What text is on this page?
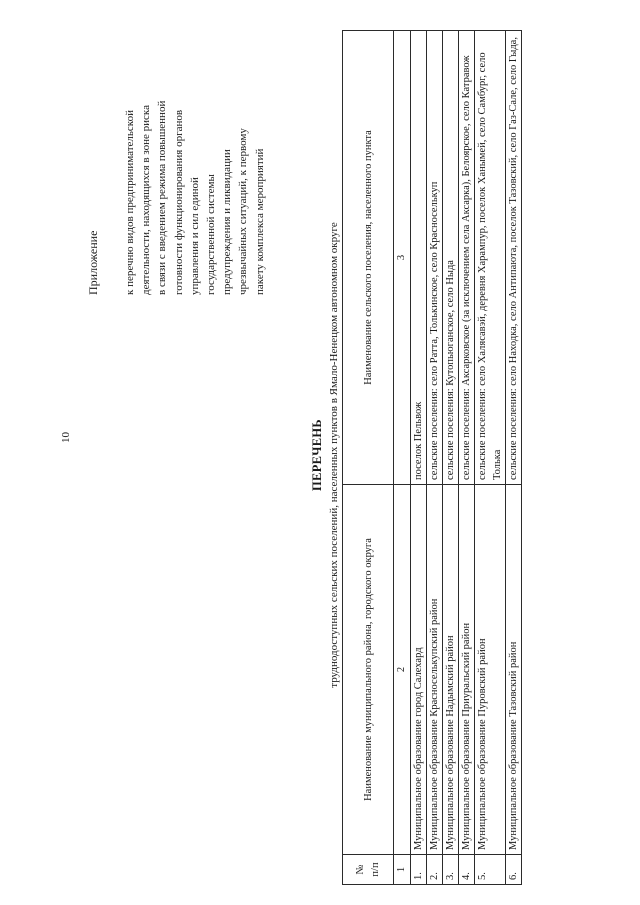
10
Приложение к перечню видов предпринимательской деятельности, находящихся в зоне риска в связи с введением режима повышенной готовности функционирования органов управления и сил единой государственной системы предупреждения и ликвидации чрезвычайных ситуаций, к первому пакету комплекса мероприятий
ПЕРЕЧЕНЬ труднодоступных сельских поселений, населенных пунктов в Ямало-Ненецком автономном округе
№ п/п	Наименование муниципального района, городского округа	Наименование сельского поселения, населенного пункта
1	2	3
1.	Муниципальное образование город Салехард	поселок Пельвож
2.	Муниципальное образование Красноселькупский район	сельские поселения: село Ратта, Толькинское, село Красноселькуп
3.	Муниципальное образование Надымский район	сельские поселения: Кутопьюганское, село Ныда
4.	Муниципальное образование Приуральский район	сельские поселения: Аксарковское (за исключением села Аксарка), Белоярское, село Катравож
5.	Муниципальное образование Пуровский район	сельские поселения: село Халясавэй, деревня Харампур, поселок Ханымей, село Самбург, село Толька
6.	Муниципальное образование Тазовский район	сельские поселения: село Находка, село Антипаюта, поселок Тазовский, село Газ-Сале, село Гыда,
